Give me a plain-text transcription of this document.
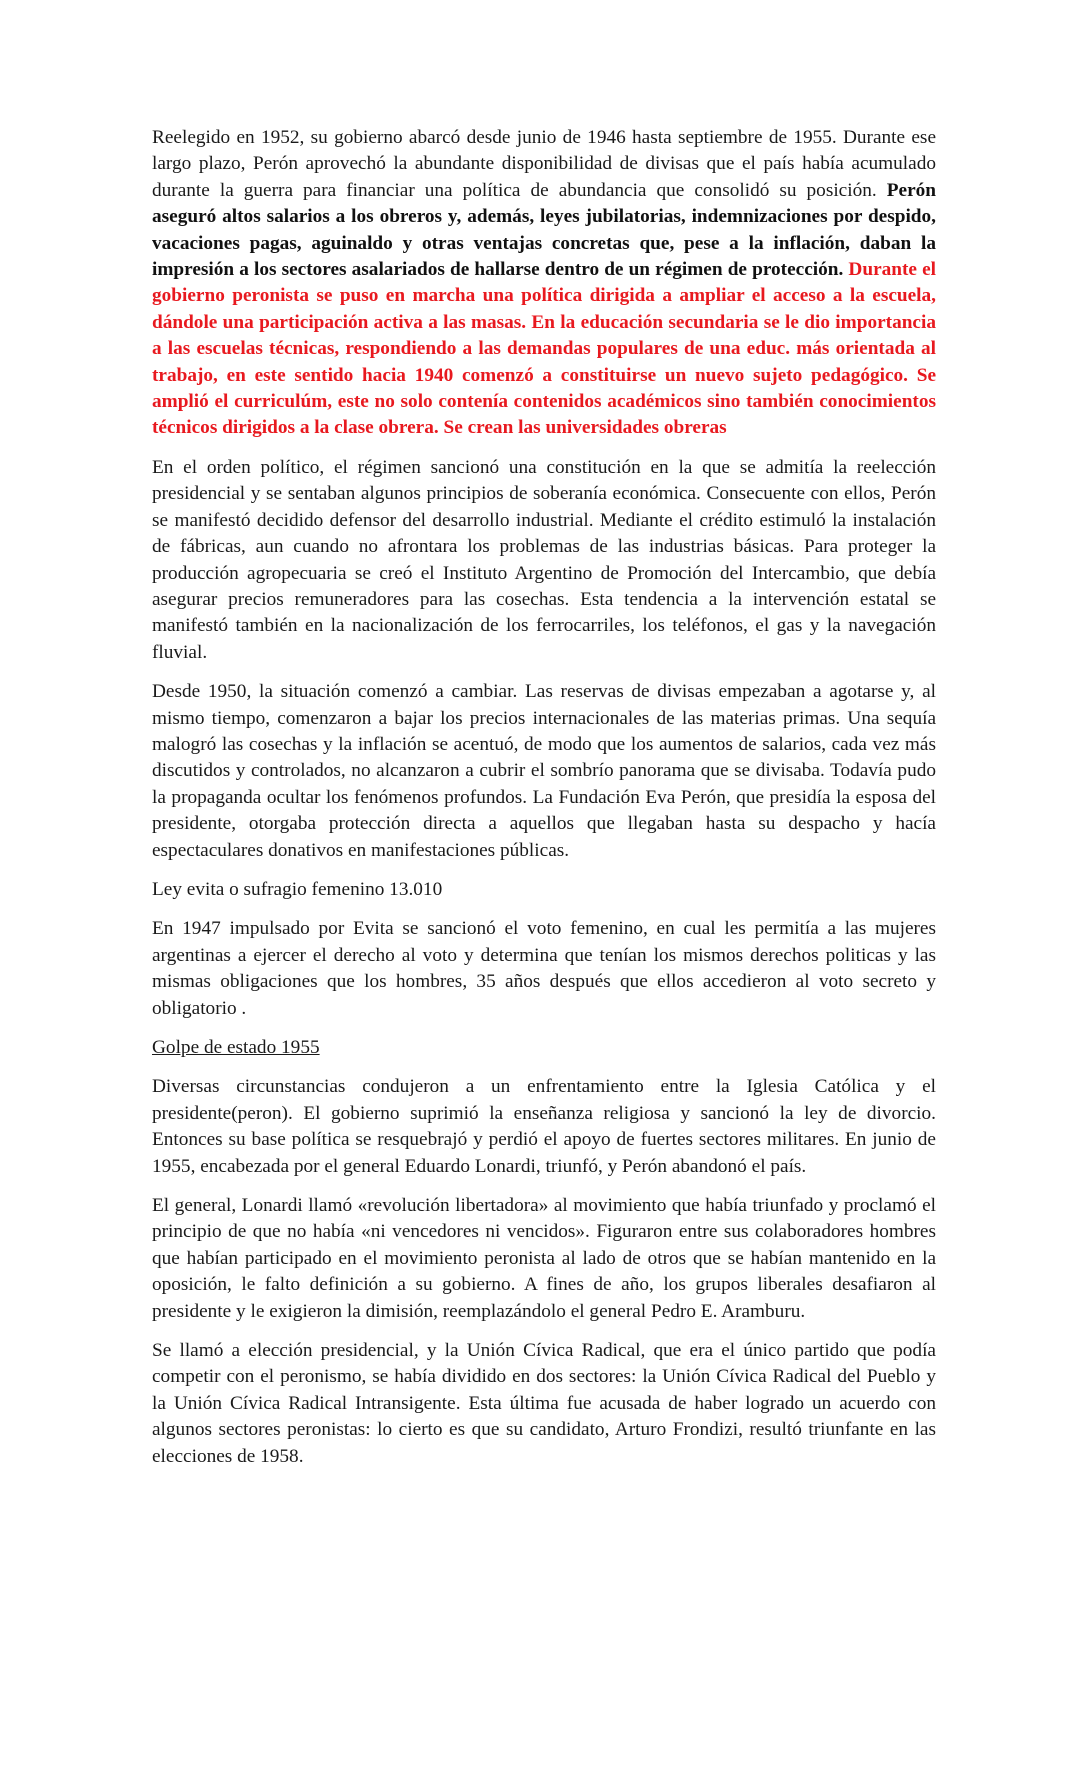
Reelegido en 1952, su gobierno abarcó desde junio de 1946 hasta septiembre de 1955. Durante ese largo plazo, Perón aprovechó la abundante disponibilidad de divisas que el país había acumulado durante la guerra para financiar una política de abundancia que consolidó su posición. Perón aseguró altos salarios a los obreros y, además, leyes jubilatorias, indemnizaciones por despido, vacaciones pagas, aguinaldo y otras ventajas concretas que, pese a la inflación, daban la impresión a los sectores asalariados de hallarse dentro de un régimen de protección. Durante el gobierno peronista se puso en marcha una política dirigida a ampliar el acceso a la escuela, dándole una participación activa a las masas. En la educación secundaria se le dio importancia a las escuelas técnicas, respondiendo a las demandas populares de una educ. más orientada al trabajo, en este sentido hacia 1940 comenzó a constituirse un nuevo sujeto pedagógico. Se amplió el curriculúm, este no solo contenía contenidos académicos sino también conocimientos técnicos dirigidos a la clase obrera. Se crean las universidades obreras

En el orden político, el régimen sancionó una constitución en la que se admitía la reelección presidencial y se sentaban algunos principios de soberanía económica. Consecuente con ellos, Perón se manifestó decidido defensor del desarrollo industrial. Mediante el crédito estimuló la instalación de fábricas, aun cuando no afrontara los problemas de las industrias básicas. Para proteger la producción agropecuaria se creó el Instituto Argentino de Promoción del Intercambio, que debía asegurar precios remuneradores para las cosechas. Esta tendencia a la intervención estatal se manifestó también en la nacionalización de los ferrocarriles, los teléfonos, el gas y la navegación fluvial.

Desde 1950, la situación comenzó a cambiar. Las reservas de divisas empezaban a agotarse y, al mismo tiempo, comenzaron a bajar los precios internacionales de las materias primas. Una sequía malogró las cosechas y la inflación se acentuó, de modo que los aumentos de salarios, cada vez más discutidos y controlados, no alcanzaron a cubrir el sombrío panorama que se divisaba. Todavía pudo la propaganda ocultar los fenómenos profundos. La Fundación Eva Perón, que presidía la esposa del presidente, otorgaba protección directa a aquellos que llegaban hasta su despacho y hacía espectaculares donativos en manifestaciones públicas.

Ley evita o sufragio femenino 13.010

En 1947 impulsado por Evita se sancionó el voto femenino, en cual les permitía a las mujeres argentinas a ejercer el derecho al voto y determina que tenían los mismos derechos politicas y las mismas obligaciones que los hombres, 35 años después que ellos accedieron al voto secreto y obligatorio .

Golpe de estado 1955

Diversas circunstancias condujeron a un enfrentamiento entre la Iglesia Católica y el presidente(peron). El gobierno suprimió la enseñanza religiosa y sancionó la ley de divorcio. Entonces su base política se resquebrajó y perdió el apoyo de fuertes sectores militares. En junio de 1955, encabezada por el general Eduardo Lonardi, triunfó, y Perón abandonó el país.

El general, Lonardi llamó «revolución libertadora» al movimiento que había triunfado y proclamó el principio de que no había «ni vencedores ni vencidos». Figuraron entre sus colaboradores hombres que habían participado en el movimiento peronista al lado de otros que se habían mantenido en la oposición, le falto definición a su gobierno. A fines de año, los grupos liberales desafiaron al presidente y le exigieron la dimisión, reemplazándolo el general Pedro E. Aramburu.

Se llamó a elección presidencial, y la Unión Cívica Radical, que era el único partido que podía competir con el peronismo, se había dividido en dos sectores: la Unión Cívica Radical del Pueblo y la Unión Cívica Radical Intransigente. Esta última fue acusada de haber logrado un acuerdo con algunos sectores peronistas: lo cierto es que su candidato, Arturo Frondizi, resultó triunfante en las elecciones de 1958.
